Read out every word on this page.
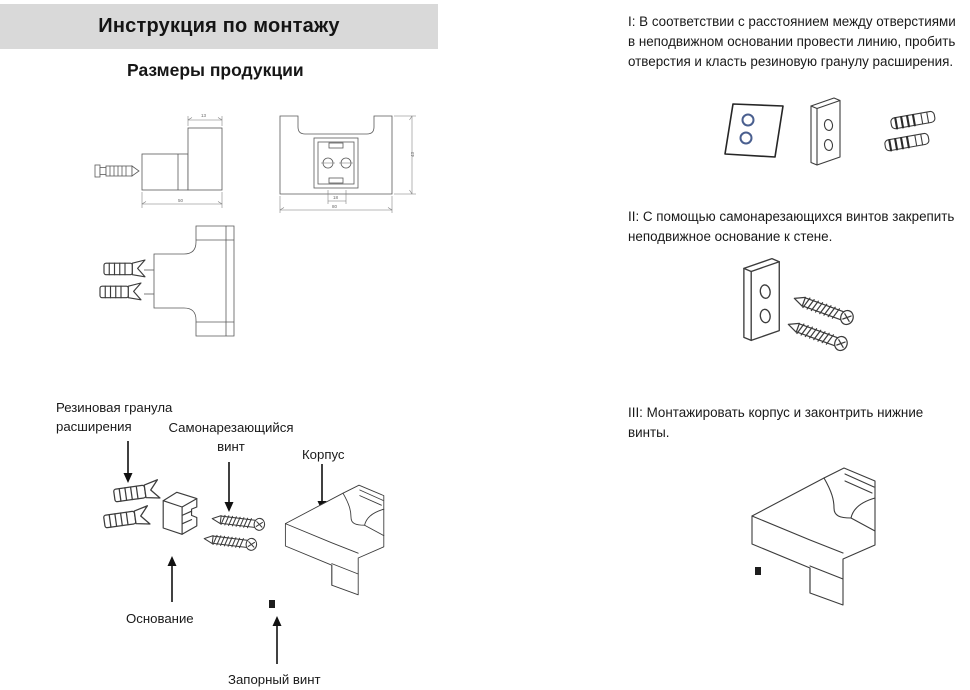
Инструкция по монтажу
Размеры продукции
13
50
43
18
80
Резиновая гранула расширения	Самонарезающийся винт
Корпус
Основание
Запорный винт
I: В соответствии с расстоянием между отверстиями в неподвижном основании провести линию, пробить отверстия и класть резиновую гранулу расширения.
II: С помощью самонарезающихся винтов закрепить неподвижное основание к стене.
III: Монтажировать корпус и законтрить нижние винты.
